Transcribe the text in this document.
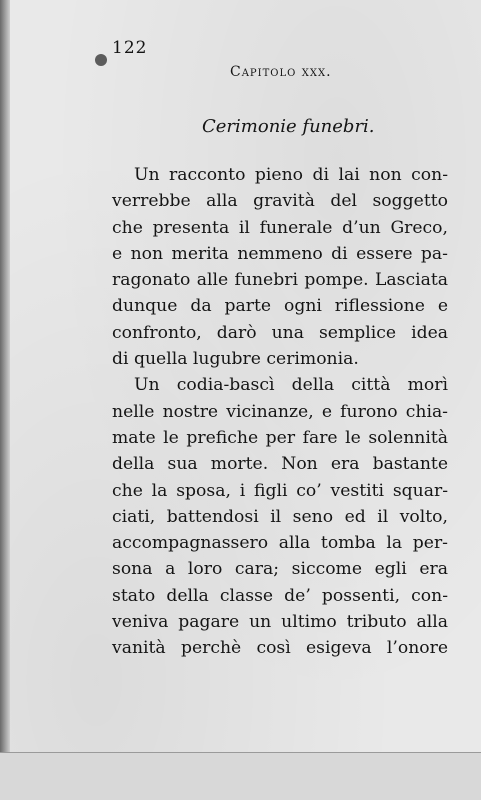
122
Capitolo xxx.
Cerimonie funebri.
Un racconto pieno di lai non con-
verrebbe alla gravità del soggetto
che presenta il funerale d’un Greco,
e non merita nemmeno di essere pa-
ragonato alle funebri pompe. Lasciata
dunque da parte ogni riflessione e
confronto, darò una semplice idea
di quella lugubre cerimonia.
Un codia-bascì della città morì
nelle nostre vicinanze, e furono chia-
mate le prefiche per fare le solennità
della sua morte. Non era bastante
che la sposa, i figli co’ vestiti squar-
ciati, battendosi il seno ed il volto,
accompagnassero alla tomba la per-
sona a loro cara; siccome egli era
stato della classe de’ possenti, con-
veniva pagare un ultimo tributo alla
vanità perchè così esigeva l’onore
